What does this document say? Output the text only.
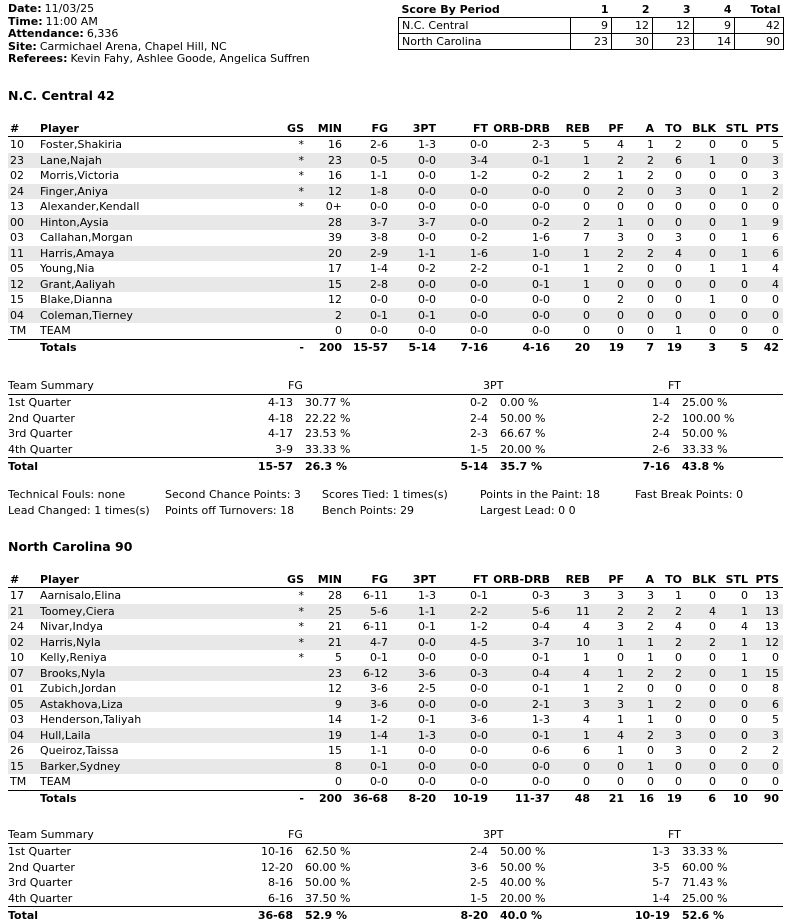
Date: 11/03/25
Time: 11:00 AM
Attendance: 6,336
Site: Carmichael Arena, Chapel Hill, NC
Referees: Kevin Fahy, Ashlee Goode, Angelica Suffren
Score By Period	1	2	3	4	Total
N.C. Central	9	12	12	9	42
North Carolina	23	30	23	14	90
N.C. Central 42
#	Player	GS	MIN	FG	3PT	FT	ORB-DRB	REB	PF	A	TO	BLK	STL	PTS
10	Foster,Shakiria	*	16	2-6	1-3	0-0	2-3	5	4	1	2	0	0	5
23	Lane,Najah	*	23	0-5	0-0	3-4	0-1	1	2	2	6	1	0	3
02	Morris,Victoria	*	16	1-1	0-0	1-2	0-2	2	1	2	0	0	0	3
24	Finger,Aniya	*	12	1-8	0-0	0-0	0-0	0	2	0	3	0	1	2
13	Alexander,Kendall	*	0+	0-0	0-0	0-0	0-0	0	0	0	0	0	0	0
00	Hinton,Aysia		28	3-7	3-7	0-0	0-2	2	1	0	0	0	1	9
03	Callahan,Morgan		39	3-8	0-0	0-2	1-6	7	3	0	3	0	1	6
11	Harris,Amaya		20	2-9	1-1	1-6	1-0	1	2	2	4	0	1	6
05	Young,Nia		17	1-4	0-2	2-2	0-1	1	2	0	0	1	1	4
12	Grant,Aaliyah		15	2-8	0-0	0-0	0-1	1	0	0	0	0	0	4
15	Blake,Dianna		12	0-0	0-0	0-0	0-0	0	2	0	0	1	0	0
04	Coleman,Tierney		2	0-1	0-1	0-0	0-0	0	0	0	0	0	0	0
TM	TEAM		0	0-0	0-0	0-0	0-0	0	0	0	1	0	0	0
	Totals	-	200	15-57	5-14	7-16	4-16	20	19	7	19	3	5	42
Team Summary	FG		3PT		FT	
1st Quarter	4-13	30.77 %	0-2	0.00 %	1-4	25.00 %
2nd Quarter	4-18	22.22 %	2-4	50.00 %	2-2	100.00 %
3rd Quarter	4-17	23.53 %	2-3	66.67 %	2-4	50.00 %
4th Quarter	3-9	33.33 %	1-5	20.00 %	2-6	33.33 %
Total	15-57	26.3 %	5-14	35.7 %	7-16	43.8 %
Technical Fouls: none	Second Chance Points: 3	Scores Tied: 1 times(s)	Points in the Paint: 18	Fast Break Points: 0
Lead Changed: 1 times(s)	Points off Turnovers: 18	Bench Points: 29	Largest Lead: 0 0
North Carolina 90
#	Player	GS	MIN	FG	3PT	FT	ORB-DRB	REB	PF	A	TO	BLK	STL	PTS
17	Aarnisalo,Elina	*	28	6-11	1-3	0-1	0-3	3	3	3	1	0	0	13
21	Toomey,Ciera	*	25	5-6	1-1	2-2	5-6	11	2	2	2	4	1	13
24	Nivar,Indya	*	21	6-11	0-1	1-2	0-4	4	3	2	4	0	4	13
02	Harris,Nyla	*	21	4-7	0-0	4-5	3-7	10	1	1	2	2	1	12
10	Kelly,Reniya	*	5	0-1	0-0	0-0	0-1	1	0	1	0	0	1	0
07	Brooks,Nyla		23	6-12	3-6	0-3	0-4	4	1	2	2	0	1	15
01	Zubich,Jordan		12	3-6	2-5	0-0	0-1	1	2	0	0	0	0	8
05	Astakhova,Liza		9	3-6	0-0	0-0	2-1	3	3	1	2	0	0	6
03	Henderson,Taliyah		14	1-2	0-1	3-6	1-3	4	1	1	0	0	0	5
04	Hull,Laila		19	1-4	1-3	0-0	0-1	1	4	2	3	0	0	3
26	Queiroz,Taissa		15	1-1	0-0	0-0	0-6	6	1	0	3	0	2	2
15	Barker,Sydney		8	0-1	0-0	0-0	0-0	0	0	1	0	0	0	0
TM	TEAM		0	0-0	0-0	0-0	0-0	0	0	0	0	0	0	0
	Totals	-	200	36-68	8-20	10-19	11-37	48	21	16	19	6	10	90
Team Summary	FG		3PT		FT	
1st Quarter	10-16	62.50 %	2-4	50.00 %	1-3	33.33 %
2nd Quarter	12-20	60.00 %	3-6	50.00 %	3-5	60.00 %
3rd Quarter	8-16	50.00 %	2-5	40.00 %	5-7	71.43 %
4th Quarter	6-16	37.50 %	1-5	20.00 %	1-4	25.00 %
Total	36-68	52.9 %	8-20	40.0 %	10-19	52.6 %
